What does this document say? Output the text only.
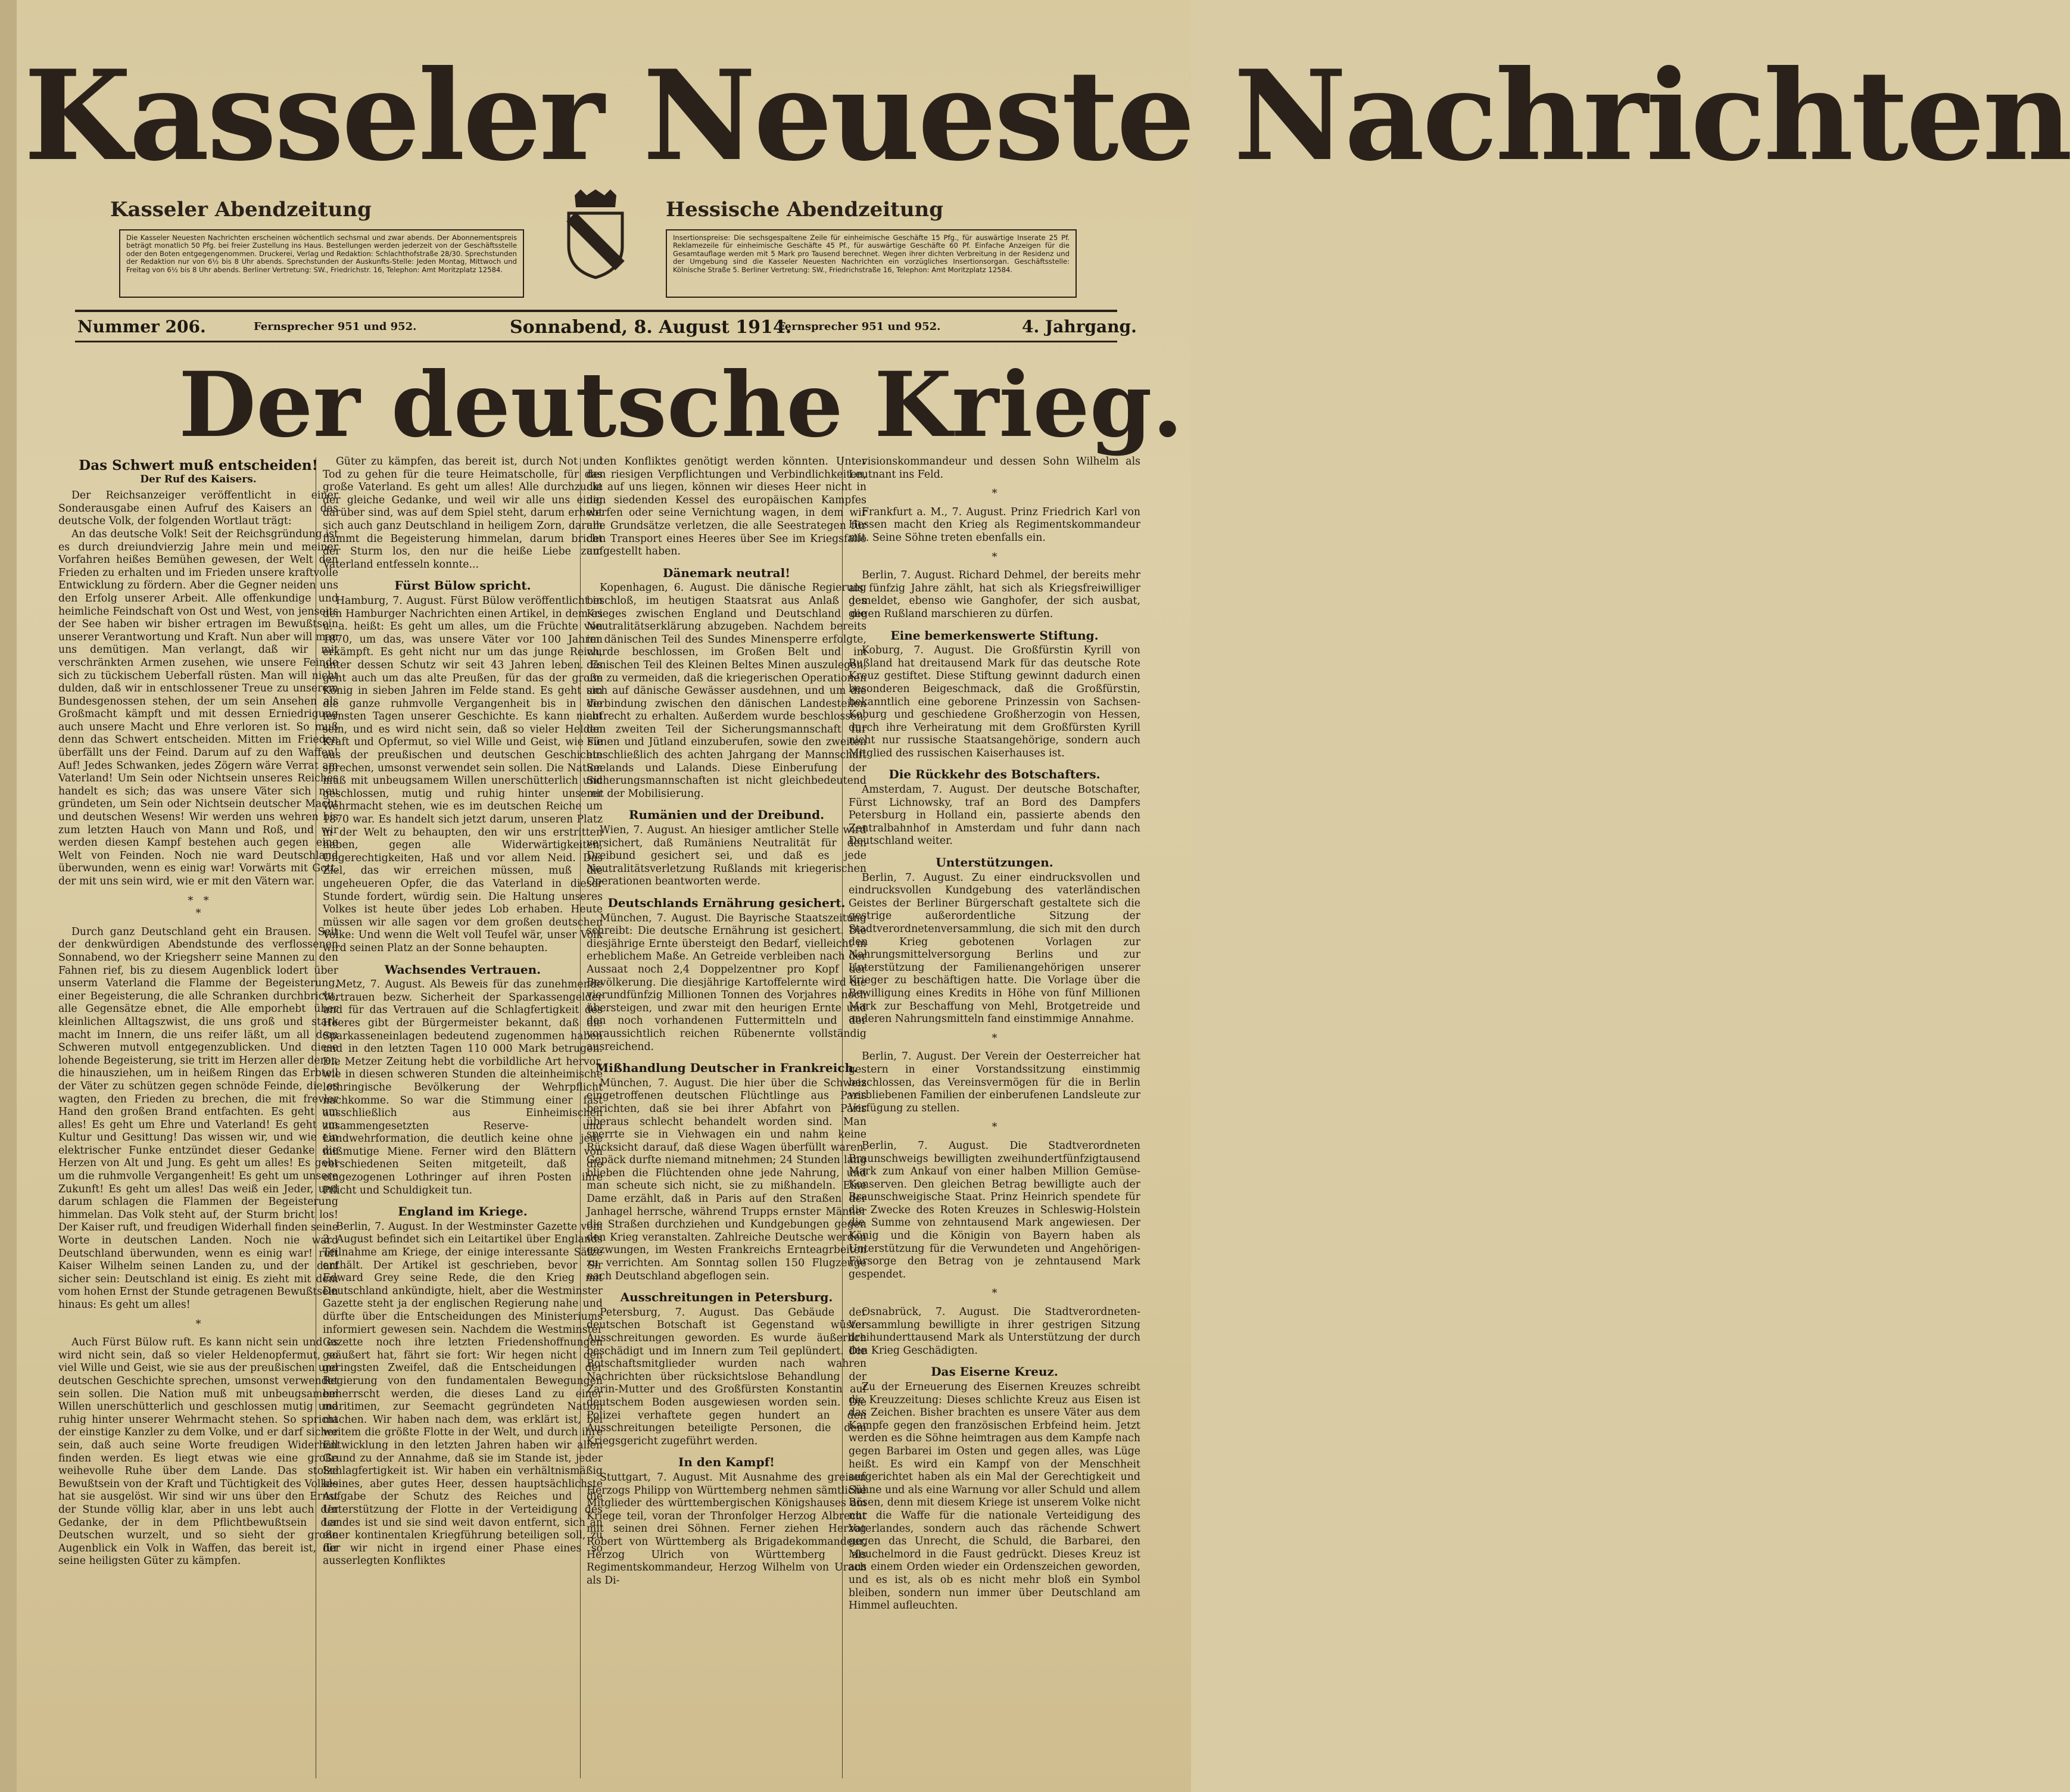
Kasseler Neueste Nachrichten
Kasseler Abendzeitung	Hessische Abendzeitung
Die Kasseler Neuesten Nachrichten erscheinen wöchentlich sechsmal und zwar abends. Der Abonnementspreis beträgt monatlich 50 Pfg. bei freier Zustellung ins Haus. Bestellungen werden jederzeit von der Geschäftsstelle oder den Boten entgegengenommen. Druckerei, Verlag und Redaktion: Schlachthofstraße 28/30. Sprechstunden der Redaktion nur von 6½ bis 8 Uhr abends. Sprechstunden der Auskunfts-Stelle: Jeden Montag, Mittwoch und Freitag von 6½ bis 8 Uhr abends. Berliner Vertretung: SW., Friedrichstr. 16, Telephon: Amt Moritzplatz 12584.
Insertionspreise: Die sechsgespaltene Zeile für einheimische Geschäfte 15 Pfg., für auswärtige Inserate 25 Pf. Reklamezeile für einheimische Geschäfte 45 Pf., für auswärtige Geschäfte 60 Pf. Einfache Anzeigen für die Gesamtauflage werden mit 5 Mark pro Tausend berechnet. Wegen ihrer dichten Verbreitung in der Residenz und der Umgebung sind die Kasseler Neuesten Nachrichten ein vorzügliches Insertionsorgan. Geschäftsstelle: Kölnische Straße 5. Berliner Vertretung: SW., Friedrichstraße 16, Telephon: Amt Moritzplatz 12584.
Nummer 206.	Fernsprecher 951 und 952.	Sonnabend, 8. August 1914.
Fernsprecher 951 und 952.	4. Jahrgang.
Der deutsche Krieg.
Das Schwert muß entscheiden!
Der Ruf des Kaisers.

Der Reichsanzeiger veröffentlicht in einer Sonderausgabe einen Aufruf des Kaisers an das deutsche Volk, der folgenden Wortlaut trägt:

An das deutsche Volk! Seit der Reichsgründung ist es durch dreiundvierzig Jahre mein und meiner Vorfahren heißes Bemühen gewesen, der Welt den Frieden zu erhalten und im Frieden unsere kraftvolle Entwicklung zu fördern. Aber die Gegner neiden uns den Erfolg unserer Arbeit. Alle offenkundige und heimliche Feindschaft von Ost und West, von jenseits der See haben wir bisher ertragen im Bewußtsein unserer Verantwortung und Kraft. Nun aber will man uns demütigen. Man verlangt, daß wir mit verschränkten Armen zusehen, wie unsere Feinde sich zu tückischem Ueberfall rüsten. Man will nicht dulden, daß wir in entschlossener Treue zu unserem Bundesgenossen stehen, der um sein Ansehen als Großmacht kämpft und mit dessen Erniedrigung auch unsere Macht und Ehre verloren ist. So muß denn das Schwert entscheiden. Mitten im Frieden überfällt uns der Feind. Darum auf zu den Waffen! Auf! Jedes Schwanken, jedes Zögern wäre Verrat am Vaterland! Um Sein oder Nichtsein unseres Reiches handelt es sich; das was unsere Väter sich neu gründeten, um Sein oder Nichtsein deutscher Macht und deutschen Wesens! Wir werden uns wehren bis zum letzten Hauch von Mann und Roß, und wir werden diesen Kampf bestehen auch gegen eine Welt von Feinden. Noch nie ward Deutschland überwunden, wenn es einig war! Vorwärts mit Gott, der mit uns sein wird, wie er mit den Vätern war.

*   *
*

Durch ganz Deutschland geht ein Brausen. Seit der denkwürdigen Abendstunde des verflossenen Sonnabend, wo der Kriegsherr seine Mannen zu den Fahnen rief, bis zu diesem Augenblick lodert über unserm Vaterland die Flamme der Begeisterung, einer Begeisterung, die alle Schranken durchbricht, alle Gegensätze ebnet, die Alle emporhebt über kleinlichen Alltagszwist, die uns groß und stark macht im Innern, die uns reifer läßt, um all dem Schweren mutvoll entgegenzublicken. Und diese lohende Begeisterung, sie tritt im Herzen aller derer, die hinausziehen, um in heißem Ringen das Erbteil der Väter zu schützen gegen schnöde Feinde, die es wagten, den Frieden zu brechen, die mit frevler Hand den großen Brand entfachten. Es geht um alles! Es geht um Ehre und Vaterland! Es geht um Kultur und Gesittung! Das wissen wir, und wie ein elektrischer Funke entzündet dieser Gedanke die Herzen von Alt und Jung. Es geht um alles! Es geht um die ruhmvolle Vergangenheit! Es geht um unsere Zukunft! Es geht um alles! Das weiß ein Jeder, und darum schlagen die Flammen der Begeisterung himmelan. Das Volk steht auf, der Sturm bricht los! Der Kaiser ruft, und freudigen Widerhall finden seine Worte in deutschen Landen. Noch nie ward Deutschland überwunden, wenn es einig war! ruft Kaiser Wilhelm seinen Landen zu, und der darf sicher sein: Deutschland ist einig. Es zieht mit dem vom hohen Ernst der Stunde getragenen Bewußtsein hinaus: Es geht um alles!

*

Auch Fürst Bülow ruft. Es kann nicht sein und es wird nicht sein, daß so vieler Heldenopfermut, so viel Wille und Geist, wie sie aus der preußischen und deutschen Geschichte sprechen, umsonst verwendet sein sollen. Die Nation muß mit unbeugsamem Willen unerschütterlich und geschlossen mutig und ruhig hinter unserer Wehrmacht stehen. So spricht der einstige Kanzler zu dem Volke, und er darf sicher sein, daß auch seine Worte freudigen Widerhall finden werden. Es liegt etwas wie eine große weihevolle Ruhe über dem Lande. Das stolze Bewußtsein von der Kraft und Tüchtigkeit des Volkes hat sie ausgelöst. Wir sind wir uns über den Ernst der Stunde völlig klar, aber in uns lebt auch der Gedanke, der in dem Pflichtbewußtsein der Deutschen wurzelt, und so sieht der große Augenblick ein Volk in Waffen, das bereit ist, für seine heiligsten Güter zu kämpfen.

Güter zu kämpfen, das bereit ist, durch Not und Tod zu gehen für die teure Heimatscholle, für das große Vaterland. Es geht um alles! Alle durchzuckt der gleiche Gedanke, und weil wir alle uns einig darüber sind, was auf dem Spiel steht, darum erhebt sich auch ganz Deutschland in heiligem Zorn, darum flammt die Begeisterung himmelan, darum bricht der Sturm los, den nur die heiße Liebe zum Vaterland entfesseln konnte...

Fürst Bülow spricht.

Hamburg, 7. August. Fürst Bülow veröffentlicht in den Hamburger Nachrichten einen Artikel, in dem es u. a. heißt: Es geht um alles, um die Früchte von 1870, um das, was unsere Väter vor 100 Jahren erkämpft. Es geht nicht nur um das junge Reich, unter dessen Schutz wir seit 43 Jahren leben. Es geht auch um das alte Preußen, für das der große König in sieben Jahren im Felde stand. Es geht um die ganze ruhmvolle Vergangenheit bis in die fernsten Tagen unserer Geschichte. Es kann nicht sein, und es wird nicht sein, daß so vieler Helden Kraft und Opfermut, so viel Wille und Geist, wie sie aus der preußischen und deutschen Geschichte sprechen, umsonst verwendet sein sollen. Die Nation muß mit unbeugsamem Willen unerschütterlich und geschlossen, mutig und ruhig hinter unserer Wehrmacht stehen, wie es im deutschen Reiche um 1870 war. Es handelt sich jetzt darum, unseren Platz in der Welt zu behaupten, den wir uns erstritten haben, gegen alle Widerwärtigkeiten, Ungerechtigkeiten, Haß und vor allem Neid. Das Ziel, das wir erreichen müssen, muß die ungeheueren Opfer, die das Vaterland in dieser Stunde fordert, würdig sein. Die Haltung unseres Volkes ist heute über jedes Lob erhaben. Heute müssen wir alle sagen vor dem großen deutschen Volke: Und wenn die Welt voll Teufel wär, unser Volk wird seinen Platz an der Sonne behaupten.

Wachsendes Vertrauen.

Metz, 7. August. Als Beweis für das zunehmende Vertrauen bezw. Sicherheit der Sparkassengelder und für das Vertrauen auf die Schlagfertigkeit des Heeres gibt der Bürgermeister bekannt, daß die Sparkasseneinlagen bedeutend zugenommen haben und in den letzten Tagen 110 000 Mark betrugen. Die Metzer Zeitung hebt die vorbildliche Art hervor, wie in diesen schweren Stunden die alteinheimische lothringische Bevölkerung der Wehrpflicht nachkomme. So war die Stimmung einer fast ausschließlich aus Einheimischen zusammengesetzten Reserve- und Landwehrformation, die deutlich keine ohne jede mißmutige Miene. Ferner wird den Blättern von verschiedenen Seiten mitgeteilt, daß die eingezogenen Lothringer auf ihren Posten ihre Pflicht und Schuldigkeit tun.

England im Kriege.

Berlin, 7. August. In der Westminster Gazette vom 3. August befindet sich ein Leitartikel über Englands Teilnahme am Kriege, der einige interessante Sätze enthält. Der Artikel ist geschrieben, bevor Sir Edward Grey seine Rede, die den Krieg mit Deutschland ankündigte, hielt, aber die Westminster Gazette steht ja der englischen Regierung nahe und dürfte über die Entscheidungen des Ministeriums informiert gewesen sein. Nachdem die Westminster Gazette noch ihre letzten Friedenshoffnungen geäußert hat, fährt sie fort: Wir hegen nicht den geringsten Zweifel, daß die Entscheidungen der Regierung von den fundamentalen Bewegungen beherrscht werden, die dieses Land zu einer maritimen, zur Seemacht gegründeten Nation machen. Wir haben nach dem, was erklärt ist, bei weitem die größte Flotte in der Welt, und durch ihre Entwicklung in den letzten Jahren haben wir allen Grund zu der Annahme, daß sie im Stande ist, jeder Schlagfertigkeit ist. Wir haben ein verhältnismäßig kleines, aber gutes Heer, dessen hauptsächlichste Aufgabe der Schutz des Reiches und die Unterstützung der Flotte in der Verteidigung des Landes ist und sie sind weit davon entfernt, sich an einer kontinentalen Kriegführung beteiligen soll, zu der wir nicht in irgend einer Phase eines so ausserlegten Konfliktes

ten Konfliktes genötigt werden könnten. Unter den riesigen Verpflichtungen und Verbindlichkeiten, die auf uns liegen, können wir dieses Heer nicht in den siedenden Kessel des europäischen Kampfes werfen oder seine Vernichtung wagen, in dem wir alle Grundsätze verletzen, die alle Seestrategen für den Transport eines Heeres über See im Kriegsfalle aufgestellt haben.

Dänemark neutral!

Kopenhagen, 6. August. Die dänische Regierung beschloß, im heutigen Staatsrat aus Anlaß des Krieges zwischen England und Deutschland die Neutralitätserklärung abzugeben. Nachdem bereits im dänischen Teil des Sundes Minensperre erfolgte, wurde beschlossen, im Großen Belt und im dänischen Teil des Kleinen Beltes Minen auszulegen, um zu vermeiden, daß die kriegerischen Operationen sich auf dänische Gewässer ausdehnen, und um die Verbindung zwischen den dänischen Landesteilen aufrecht zu erhalten. Außerdem wurde beschlossen, den zweiten Teil der Sicherungsmannschaft für Fünen und Jütland einzuberufen, sowie den zweiten einschließlich des achten Jahrgang der Mannschaft Seelands und Lalands. Diese Einberufung der Sicherungsmannschaften ist nicht gleichbedeutend mit der Mobilisierung.

Rumänien und der Dreibund.

Wien, 7. August. An hiesiger amtlicher Stelle wird versichert, daß Rumäniens Neutralität für den Dreibund gesichert sei, und daß es jede Neutralitätsverletzung Rußlands mit kriegerischen Operationen beantworten werde.

Deutschlands Ernährung gesichert.

München, 7. August. Die Bayrische Staatszeitung schreibt: Die deutsche Ernährung ist gesichert. Die diesjährige Ernte übersteigt den Bedarf, vielleicht in erheblichem Maße. An Getreide verbleiben nach der Aussaat noch 2,4 Doppelzentner pro Kopf der Bevölkerung. Die diesjährige Kartoffelernte wird die vierundfünfzig Millionen Tonnen des Vorjahres noch übersteigen, und zwar mit den heurigen Ernte und den noch vorhandenen Futtermitteln und der voraussichtlich reichen Rübenernte vollständig ausreichend.

Mißhandlung Deutscher in Frankreich.

München, 7. August. Die hier über die Schweiz eingetroffenen deutschen Flüchtlinge aus Paris berichten, daß sie bei ihrer Abfahrt von Paris überaus schlecht behandelt worden sind. Man sperrte sie in Viehwagen ein und nahm keine Rücksicht darauf, daß diese Wagen überfüllt waren. Gepäck durfte niemand mitnehmen; 24 Stunden lang blieben die Flüchtenden ohne jede Nahrung, und man scheute sich nicht, sie zu mißhandeln. Eine Dame erzählt, daß in Paris auf den Straßen der Janhagel herrsche, während Trupps ernster Männer die Straßen durchziehen und Kundgebungen gegen den Krieg veranstalten. Zahlreiche Deutsche werden gezwungen, im Westen Frankreichs Ernteagrbeiten zu verrichten. Am Sonntag sollen 150 Flugzeuge nach Deutschland abgeflogen sein.

Ausschreitungen in Petersburg.

Petersburg, 7. August. Das Gebäude der deutschen Botschaft ist Gegenstand wüster Ausschreitungen geworden. Es wurde äußerlich beschädigt und im Innern zum Teil geplündert. Die Botschaftsmitglieder wurden nach wahren Nachrichten über rücksichtslose Behandlung der Zarin-Mutter und des Großfürsten Konstantin auf deutschem Boden ausgewiesen worden sein. Die Polizei verhaftete gegen hundert an den Ausschreitungen beteiligte Personen, die dem Kriegsgericht zugeführt werden.

In den Kampf!

Stuttgart, 7. August. Mit Ausnahme des greisen Herzogs Philipp von Württemberg nehmen sämtliche Mitglieder des württembergischen Königshauses am Kriege teil, voran der Thronfolger Herzog Albrecht mit seinen drei Söhnen. Ferner ziehen Herzog Robert von Württemberg als Brigadekommandeur, Herzog Ulrich von Württemberg als Regimentskommandeur, Herzog Wilhelm von Urach als Di-

visionskommandeur und dessen Sohn Wilhelm als Leutnant ins Feld.

*

Frankfurt a. M., 7. August. Prinz Friedrich Karl von Hessen macht den Krieg als Regimentskommandeur mit. Seine Söhne treten ebenfalls ein.

*

Berlin, 7. August. Richard Dehmel, der bereits mehr als fünfzig Jahre zählt, hat sich als Kriegsfreiwilliger gemeldet, ebenso wie Ganghofer, der sich ausbat, gegen Rußland marschieren zu dürfen.

Eine bemerkenswerte Stiftung.

Koburg, 7. August. Die Großfürstin Kyrill von Rußland hat dreitausend Mark für das deutsche Rote Kreuz gestiftet. Diese Stiftung gewinnt dadurch einen besonderen Beigeschmack, daß die Großfürstin, bekanntlich eine geborene Prinzessin von Sachsen-Koburg und geschiedene Großherzogin von Hessen, durch ihre Verheiratung mit dem Großfürsten Kyrill nicht nur russische Staatsangehörige, sondern auch Mitglied des russischen Kaiserhauses ist.

Die Rückkehr des Botschafters.

Amsterdam, 7. August. Der deutsche Botschafter, Fürst Lichnowsky, traf an Bord des Dampfers Petersburg in Holland ein, passierte abends den Zentralbahnhof in Amsterdam und fuhr dann nach Deutschland weiter.

Unterstützungen.

Berlin, 7. August. Zu einer eindrucksvollen und eindrucksvollen Kundgebung des vaterländischen Geistes der Berliner Bürgerschaft gestaltete sich die gestrige außerordentliche Sitzung der Stadtverordnetenversammlung, die sich mit den durch den Krieg gebotenen Vorlagen zur Nahrungsmittelversorgung Berlins und zur Unterstützung der Familienangehörigen unserer Krieger zu beschäftigen hatte. Die Vorlage über die Bewilligung eines Kredits in Höhe von fünf Millionen Mark zur Beschaffung von Mehl, Brotgetreide und anderen Nahrungsmitteln fand einstimmige Annahme.

*

Berlin, 7. August. Der Verein der Oesterreicher hat gestern in einer Vorstandssitzung einstimmig beschlossen, das Vereinsvermögen für die in Berlin verbliebenen Familien der einberufenen Landsleute zur Verfügung zu stellen.

*

Berlin, 7. August. Die Stadtverordneten Braunschweigs bewilligten zweihundertfünfzigtausend Mark zum Ankauf von einer halben Million Gemüse-Konserven. Den gleichen Betrag bewilligte auch der Braunschweigische Staat. Prinz Heinrich spendete für die Zwecke des Roten Kreuzes in Schleswig-Holstein die Summe von zehntausend Mark angewiesen. Der König und die Königin von Bayern haben als Unterstützung für die Verwundeten und Angehörigen-Fürsorge den Betrag von je zehntausend Mark gespendet.

*

Osnabrück, 7. August. Die Stadtverordneten-Versammlung bewilligte in ihrer gestrigen Sitzung dreihunderttausend Mark als Unterstützung der durch den Krieg Geschädigten.

Das Eiserne Kreuz.

Zu der Erneuerung des Eisernen Kreuzes schreibt die Kreuzzeitung: Dieses schlichte Kreuz aus Eisen ist das Zeichen. Bisher brachten es unsere Väter aus dem Kampfe gegen den französischen Erbfeind heim. Jetzt werden es die Söhne heimtragen aus dem Kampfe nach gegen Barbarei im Osten und gegen alles, was Lüge heißt. Es wird ein Kampf von der Menschheit aufgerichtet haben als ein Mal der Gerechtigkeit und Sühne und als eine Warnung vor aller Schuld und allem Bösen, denn mit diesem Kriege ist unserem Volke nicht nur die Waffe für die nationale Verteidigung des Vaterlandes, sondern auch das rächende Schwert gegen das Unrecht, die Schuld, die Barbarei, den Meuchelmord in die Faust gedrückt. Dieses Kreuz ist aus einem Orden wieder ein Ordenszeichen geworden, und es ist, als ob es nicht mehr bloß ein Symbol bleiben, sondern nun immer über Deutschland am Himmel aufleuchten.
